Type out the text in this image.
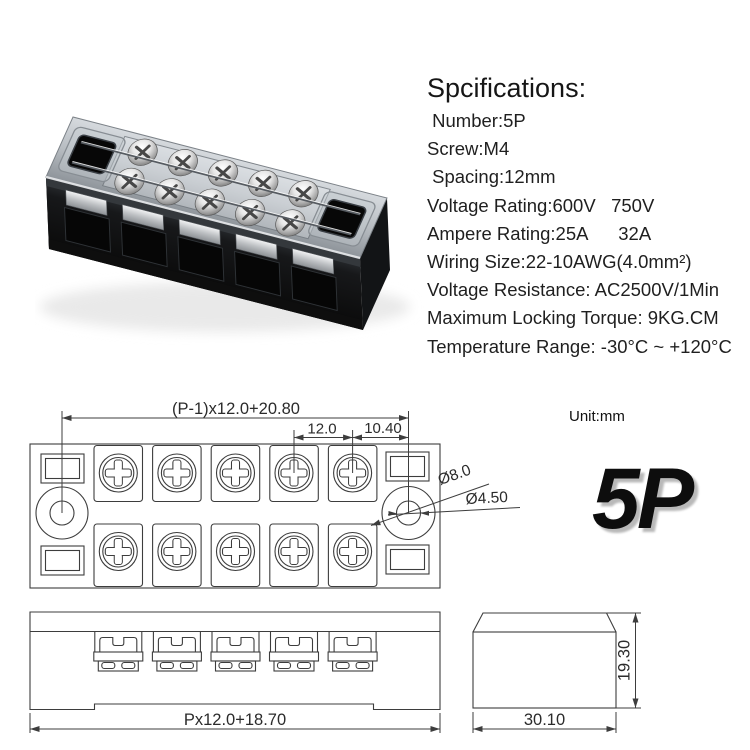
Spcifications:
Number:5P
Screw:M4
Spacing:12mm
Voltage Rating:600V   750V
Ampere Rating:25A      32A
Wiring Size:22-10AWG(4.0mm²)
Voltage Resistance: AC2500V/1Min
Maximum Locking Torque: 9KG.CM
Temperature Range: -30°C ~ +120°C
(P-1)x12.0+20.80
12.0 10.40
Ø8.0
Ø4.50
Px12.0+18.70
19.30
30.10
Unit:mm
5P
